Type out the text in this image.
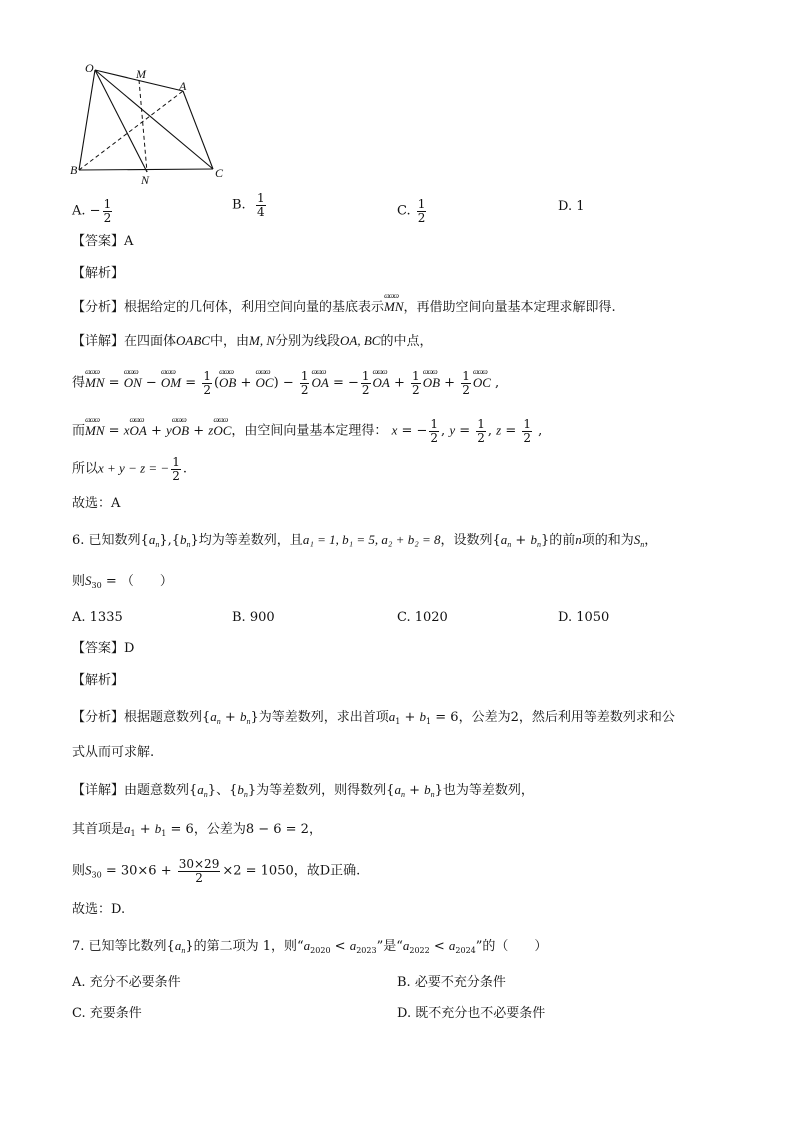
O	M
A
B
N	C
A. − $\frac{1}{2}$	B. $\frac{1}{4}$	C. $\frac{1}{2}$	D. 1
【答案】A
【解析】
【分析】根据给定的几何体，利用空间向量的基底表示ɷɷɷ MN，再借助空间向量基本定理求解即得.
【详解】在四面体OABC中，由M, N分别为线段OA, BC的中点，
得ɷɷɷ MN = ɷɷɷ ON − ɷɷɷ OM = $\frac{1}{2}$ (ɷɷɷ OB + ɷɷɷ $OC) - \frac{1}{2}$ ɷɷɷ OA = − $\frac{1}{2}$ ɷɷɷ OA + $\frac{1}{2}$ ɷɷɷ OB + $\frac{1}{2}$ ɷɷɷ OC ,
而ɷɷɷ MN = xɷɷɷ OA + yɷɷɷ OB + zɷɷɷ OC，由空间向量基本定理得： x = − $\frac{1}{2}$ , $y = \frac{1}{2}$ , $z = \frac{1}{2}$ ,
所以x + y − z = − $\frac{1}{2}$ .
故选：A
6. 已知数列$\{a_n\},\{b_n\}$均为等差数列，且a₁ = 1, b₁ = 5, a₂ + b₂ = 8，设数列$\{a_n + b_n\}$的前n项的和为$S_n$，
则$S_{30}$ = （　　）
A. 1335	B. 900	C. 1020	D. 1050
【答案】D
【解析】
【分析】根据题意数列$\{a_n + b_n\}$为等差数列，求出首项$a_1 + b_1 = 6$，公差为2，然后利用等差数列求和公
式从而可求解.
【详解】由题意数列$\{a_n\}$、$\{b_n\}$为等差数列，则得数列$\{a_n + b_n\}$也为等差数列，
其首项是$a_1 + b_1 = 6$，公差为8 − 6 = 2，
则$S_{30} = 30\times 6 + \frac{30\times 29}{2} \times 2 = 1050$，故D正确.
故选：D.
7. 已知等比数列$\{a_n\}$的第二项为 1，则“$a_{2020} < a_{2023}$”是“$a_{2022} < a_{2024}$”的（　　）
A. 充分不必要条件	B. 必要不充分条件
C. 充要条件	D. 既不充分也不必要条件
